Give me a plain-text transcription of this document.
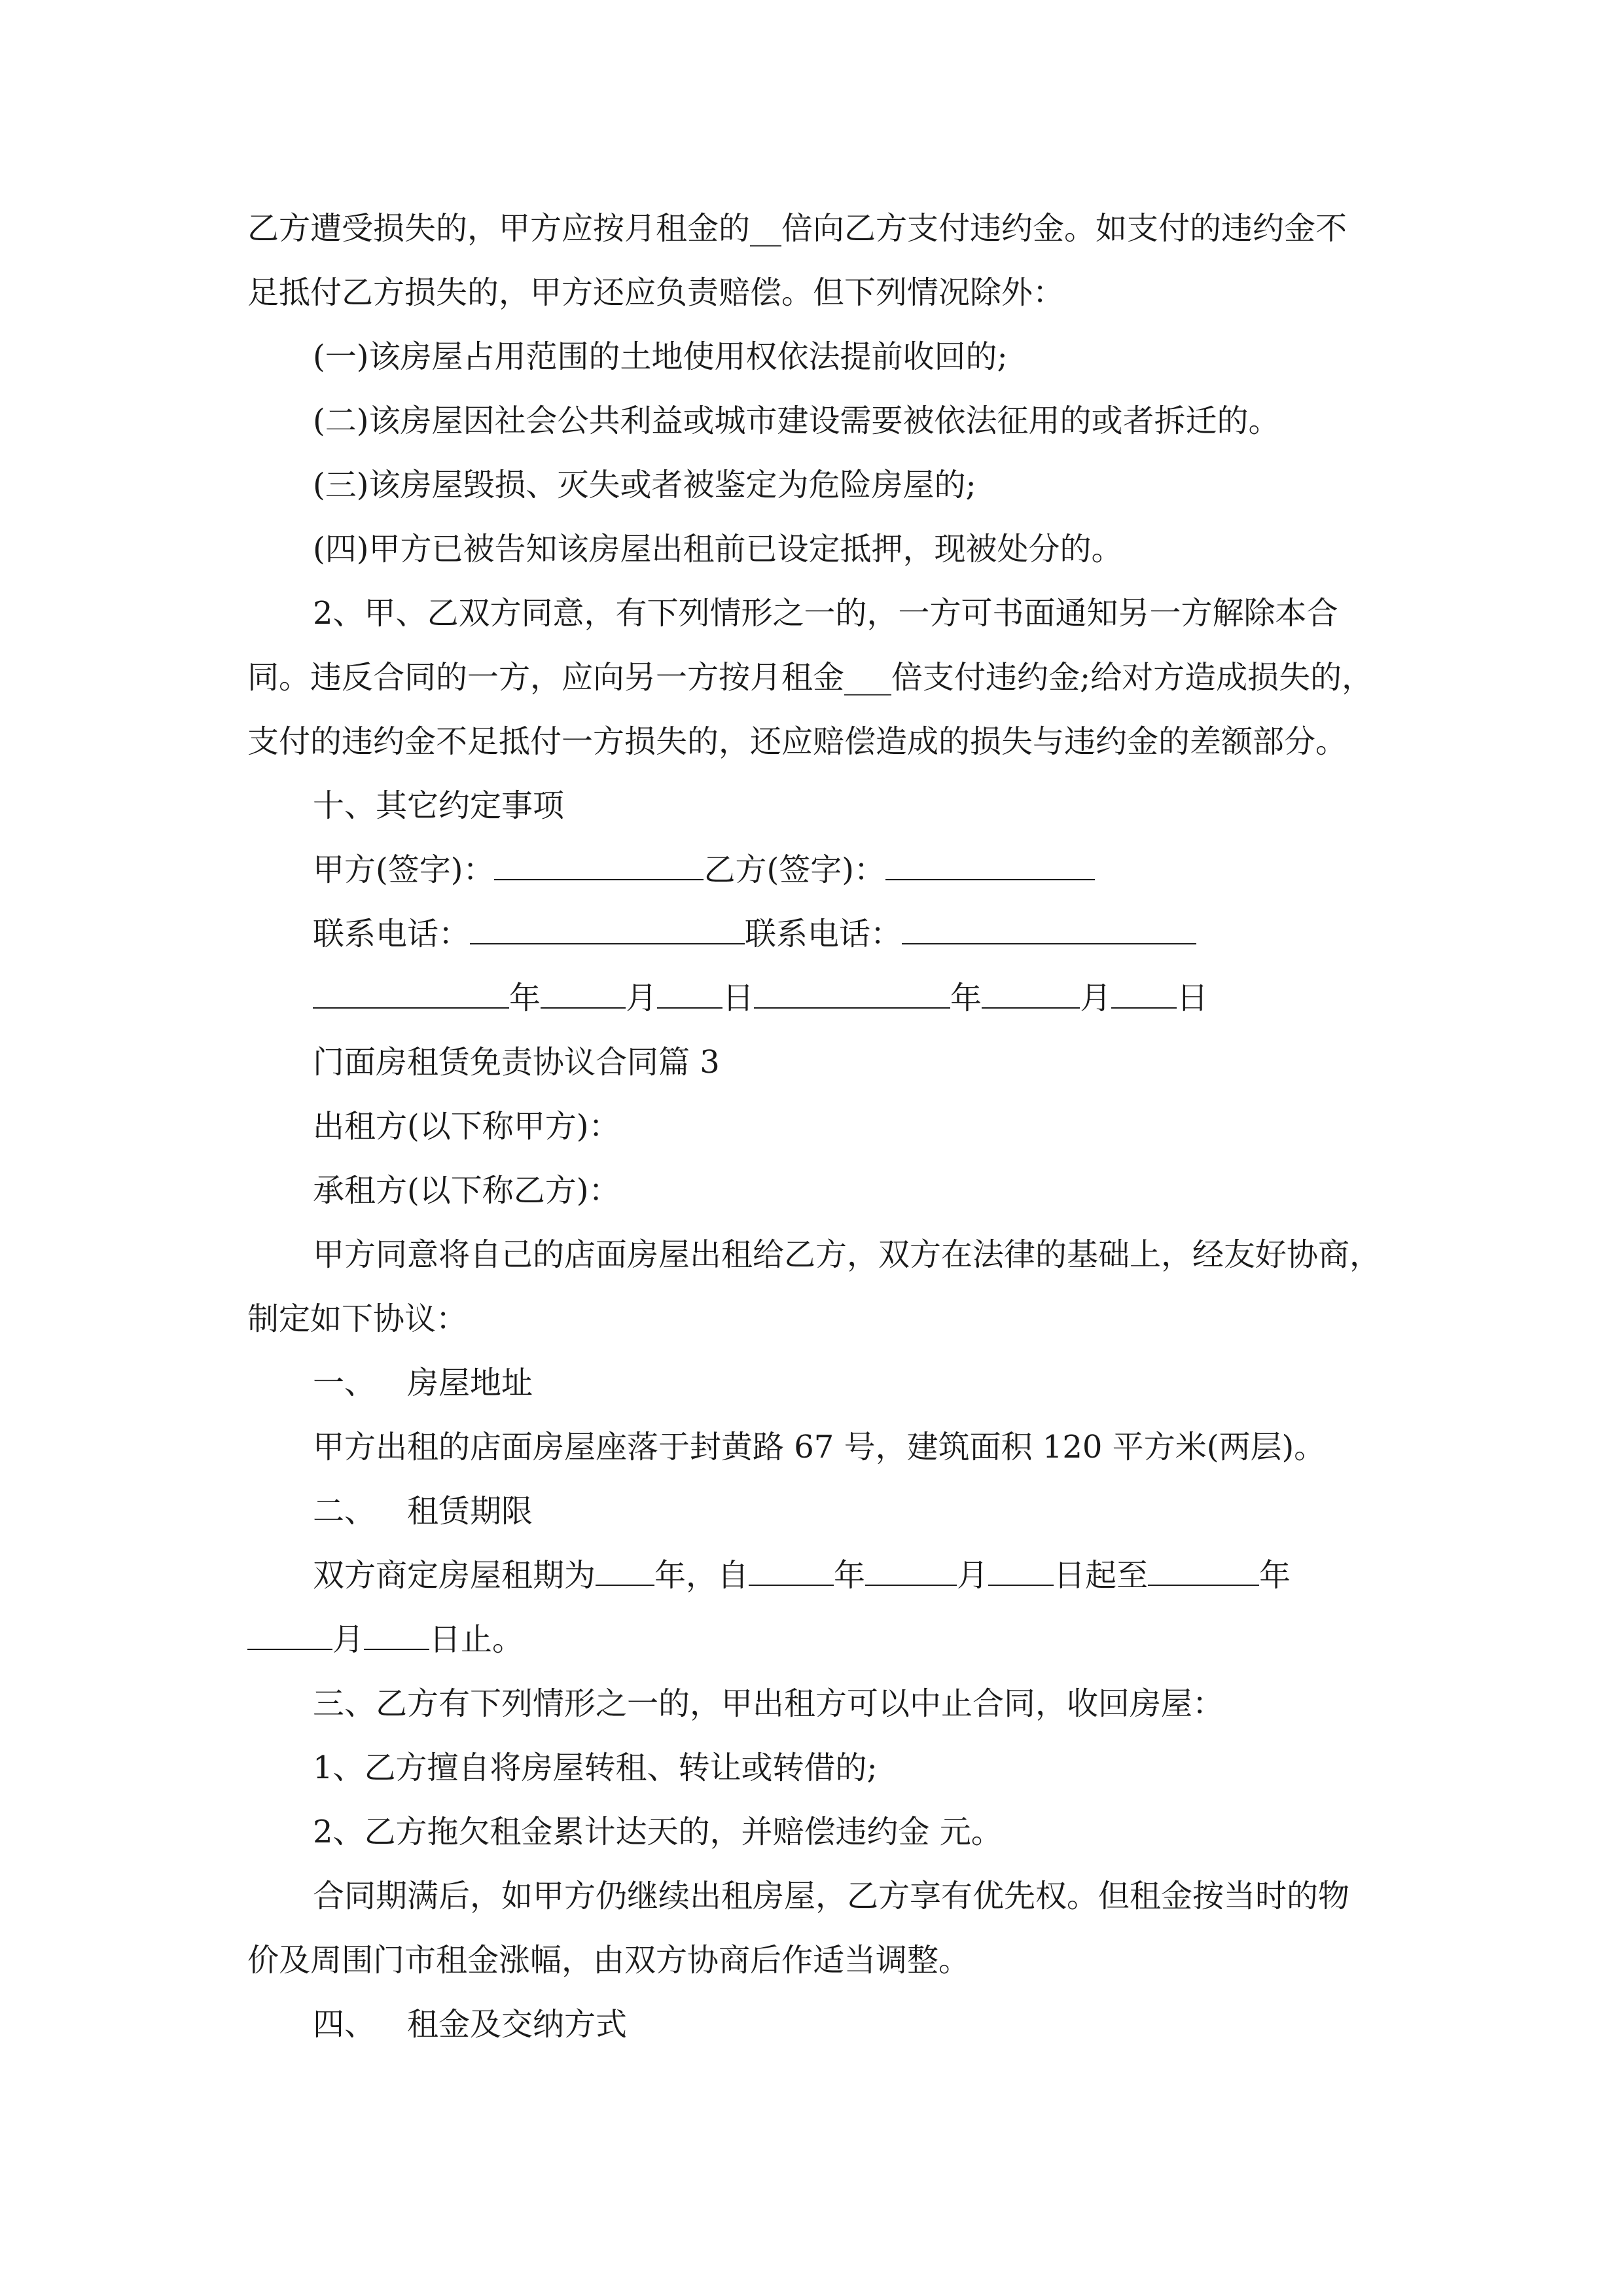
乙方遭受损失的，甲方应按月租金的__倍向乙方支付违约金。如支付的违约金不
足抵付乙方损失的，甲方还应负责赔偿。但下列情况除外：
(一)该房屋占用范围的土地使用权依法提前收回的;
(二)该房屋因社会公共利益或城市建设需要被依法征用的或者拆迁的。
(三)该房屋毁损、灭失或者被鉴定为危险房屋的;
(四)甲方已被告知该房屋出租前已设定抵押，现被处分的。
2、甲、乙双方同意，有下列情形之一的，一方可书面通知另一方解除本合
同。违反合同的一方，应向另一方按月租金___倍支付违约金;给对方造成损失的，
支付的违约金不足抵付一方损失的，还应赔偿造成的损失与违约金的差额部分。
十、其它约定事项
甲方(签字)：	乙方(签字)：
联系电话：	联系电话：
年	月 日	年	月 日
门面房租赁免责协议合同篇 3
出租方(以下称甲方)：
承租方(以下称乙方)：
甲方同意将自己的店面房屋出租给乙方，双方在法律的基础上，经友好协商，
制定如下协议：
一、 房屋地址
甲方出租的店面房屋座落于封黄路 67 号，建筑面积 120 平方米(两层)。
二、 租赁期限
双方商定房屋租期为 年，自	年	月 日起至	年
月 日止。
三、乙方有下列情形之一的，甲出租方可以中止合同，收回房屋：
1、乙方擅自将房屋转租、转让或转借的;
2、乙方拖欠租金累计达天的，并赔偿违约金 元。
合同期满后，如甲方仍继续出租房屋，乙方享有优先权。但租金按当时的物
价及周围门市租金涨幅，由双方协商后作适当调整。
四、 租金及交纳方式
